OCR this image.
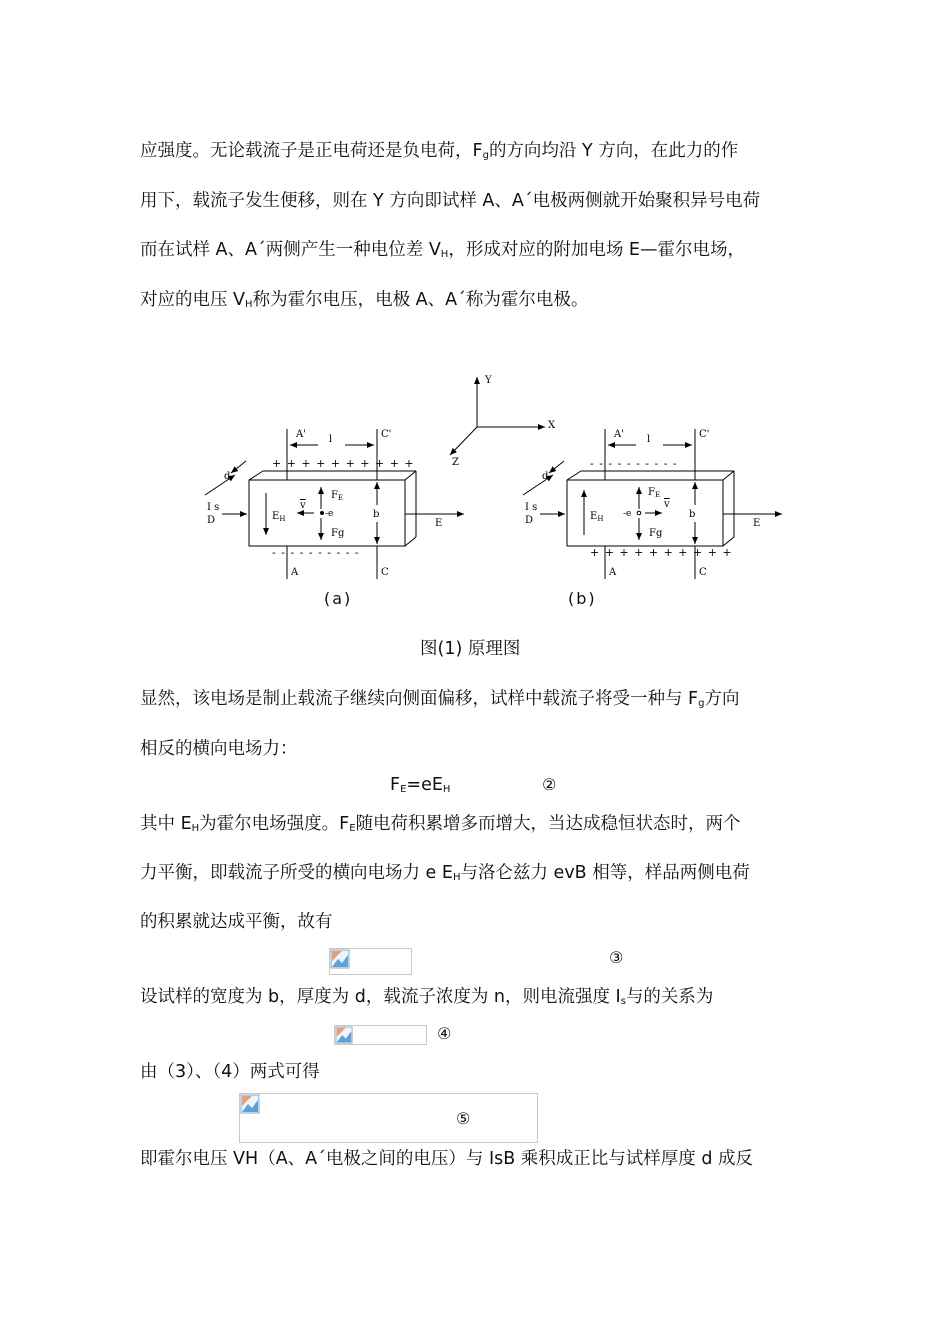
应强度。无论载流子是正电荷还是负电荷，$F_g$的方向均沿 Y 方向，在此力的作
用下，载流子发生便移，则在 Y 方向即试样 A、A΄电极两侧就开始聚积异号电荷
而在试样 A、A΄两侧产生一种电位差 $V_H$，形成对应的附加电场 E—霍尔电场，
对应的电压 $V_H$称为霍尔电压，电极 A、A΄称为霍尔电极。
Y
X
Z
A'	C'
l
+ + + + + + + + + +
- - - - - - - - - -
d
I s
D	E
$E_H$
v
-e
$F_E$
Fg
b
A	C
A'	C'
l
- - - - - - - - - -
+ + + + + + + + + +
d
I s
D	E
$E_H$ -e
$F_E$
v
Fg
b
A	C
(a)	(b)
图(1) 原理图
显然，该电场是制止载流子继续向侧面偏移，试样中载流子将受一种与 $F_g$方向
相反的横向电场力：
$F_E=eE_H$	②
其中 $E_H$为霍尔电场强度。$F_E$随电荷积累增多而增大，当达成稳恒状态时，两个
力平衡，即载流子所受的横向电场力 e $E_H$与洛仑兹力 evB 相等，样品两侧电荷
的积累就达成平衡，故有
③
设试样的宽度为 b，厚度为 d，载流子浓度为 n，则电流强度 $I_s$与的关系为
④
由（3）、（4）两式可得
⑤
即霍尔电压 VH（A、A΄电极之间的电压）与 IsB 乘积成正比与试样厚度 d 成反
